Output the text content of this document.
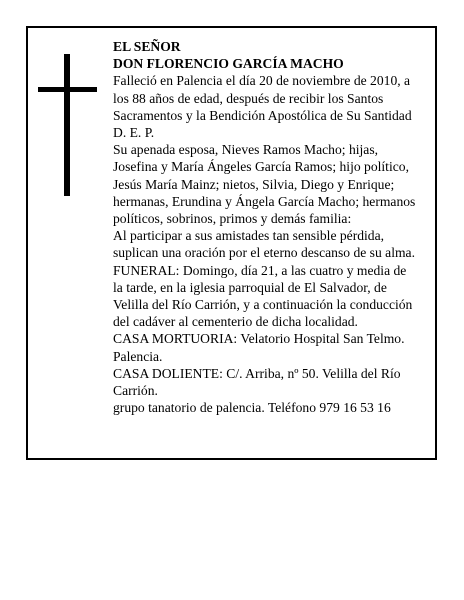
EL SEÑOR
DON FLORENCIO GARCÍA MACHO
Falleció en Palencia el día 20 de noviembre de 2010, a
los 88 años de edad, después de recibir los Santos
Sacramentos y la Bendición Apostólica de Su Santidad
D. E. P.
Su apenada esposa, Nieves Ramos Macho; hijas,
Josefina y María Ángeles García Ramos; hijo político,
Jesús María Mainz; nietos, Silvia, Diego y Enrique;
hermanas, Erundina y Ángela García Macho; hermanos
políticos, sobrinos, primos y demás familia:
Al participar a sus amistades tan sensible pérdida,
suplican una oración por el eterno descanso de su alma.
FUNERAL: Domingo, día 21, a las cuatro y media de
la tarde, en la iglesia parroquial de El Salvador, de
Velilla del Río Carrión, y a continuación la conducción
del cadáver al cementerio de dicha localidad.
CASA MORTUORIA: Velatorio Hospital San Telmo.
Palencia.
CASA DOLIENTE: C/. Arriba, nº 50. Velilla del Río
Carrión.
grupo tanatorio de palencia. Teléfono 979 16 53 16
